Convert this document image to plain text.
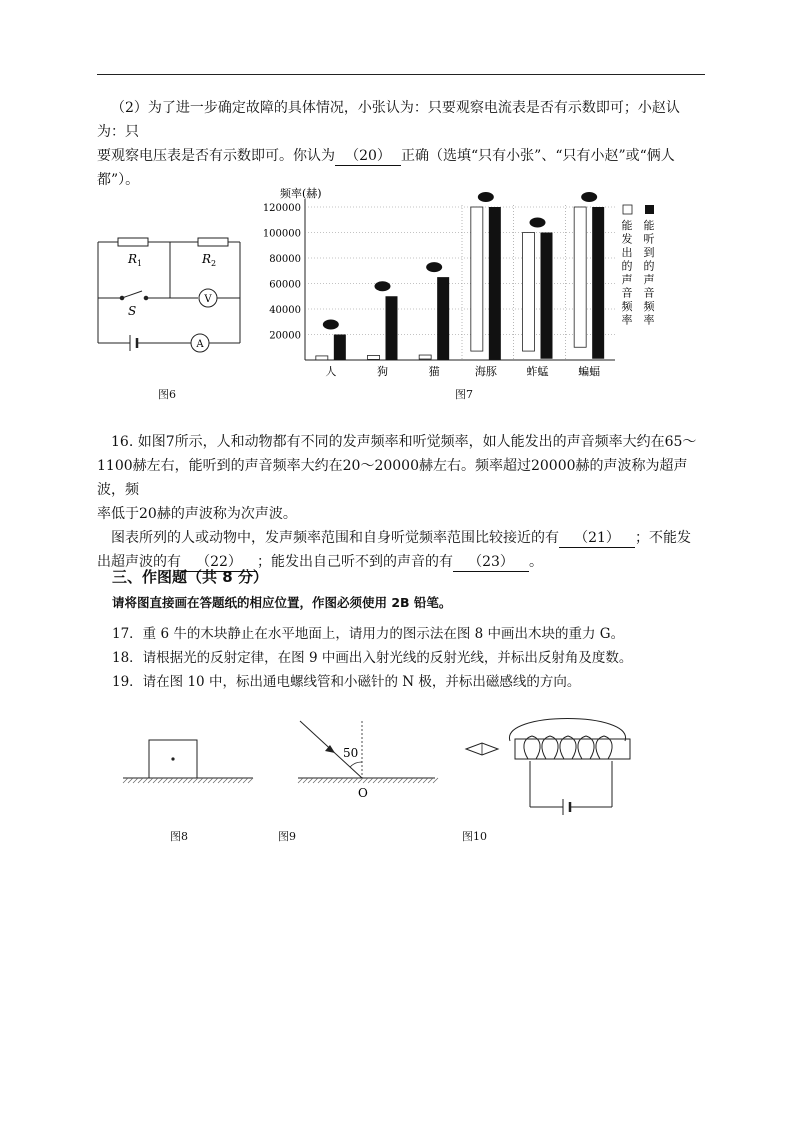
（2）为了进一步确定故障的具体情况，小张认为：只要观察电流表是否有示数即可；小赵认为：只
要观察电压表是否有示数即可。你认为 （20） 正确（选填“只有小张”、“只有小赵”或“俩人
都”）。
$R_1$	$R_2$
S
V
A
图6
频率(赫)
120000
100000
80000
60000
40000
20000
人	狗	猫	海豚	蚱蜢	蝙蝠
能
发
出
的
声
音
频
率
能
听
到
的
声
音
频
率
图7
16. 如图7所示，人和动物都有不同的发声频率和听觉频率，如人能发出的声音频率大约在65～
1100赫左右，能听到的声音频率大约在20～20000赫左右。频率超过20000赫的声波称为超声波，频
率低于20赫的声波称为次声波。
图表所列的人或动物中，发声频率范围和自身听觉频率范围比较接近的有 （21） ；不能发
出超声波的有 （22） ；能发出自己听不到的声音的有 （23） 。
三、作图题（共 8 分）
请将图直接画在答题纸的相应位置，作图必须使用 2B 铅笔。
17．重 6 牛的木块静止在水平地面上，请用力的图示法在图 8 中画出木块的重力 G。
18．请根据光的反射定律，在图 9 中画出入射光线的反射光线，并标出反射角及度数。
19．请在图 10 中，标出通电螺线管和小磁针的 N 极，并标出磁感线的方向。
图8
50
O
图9	图10
